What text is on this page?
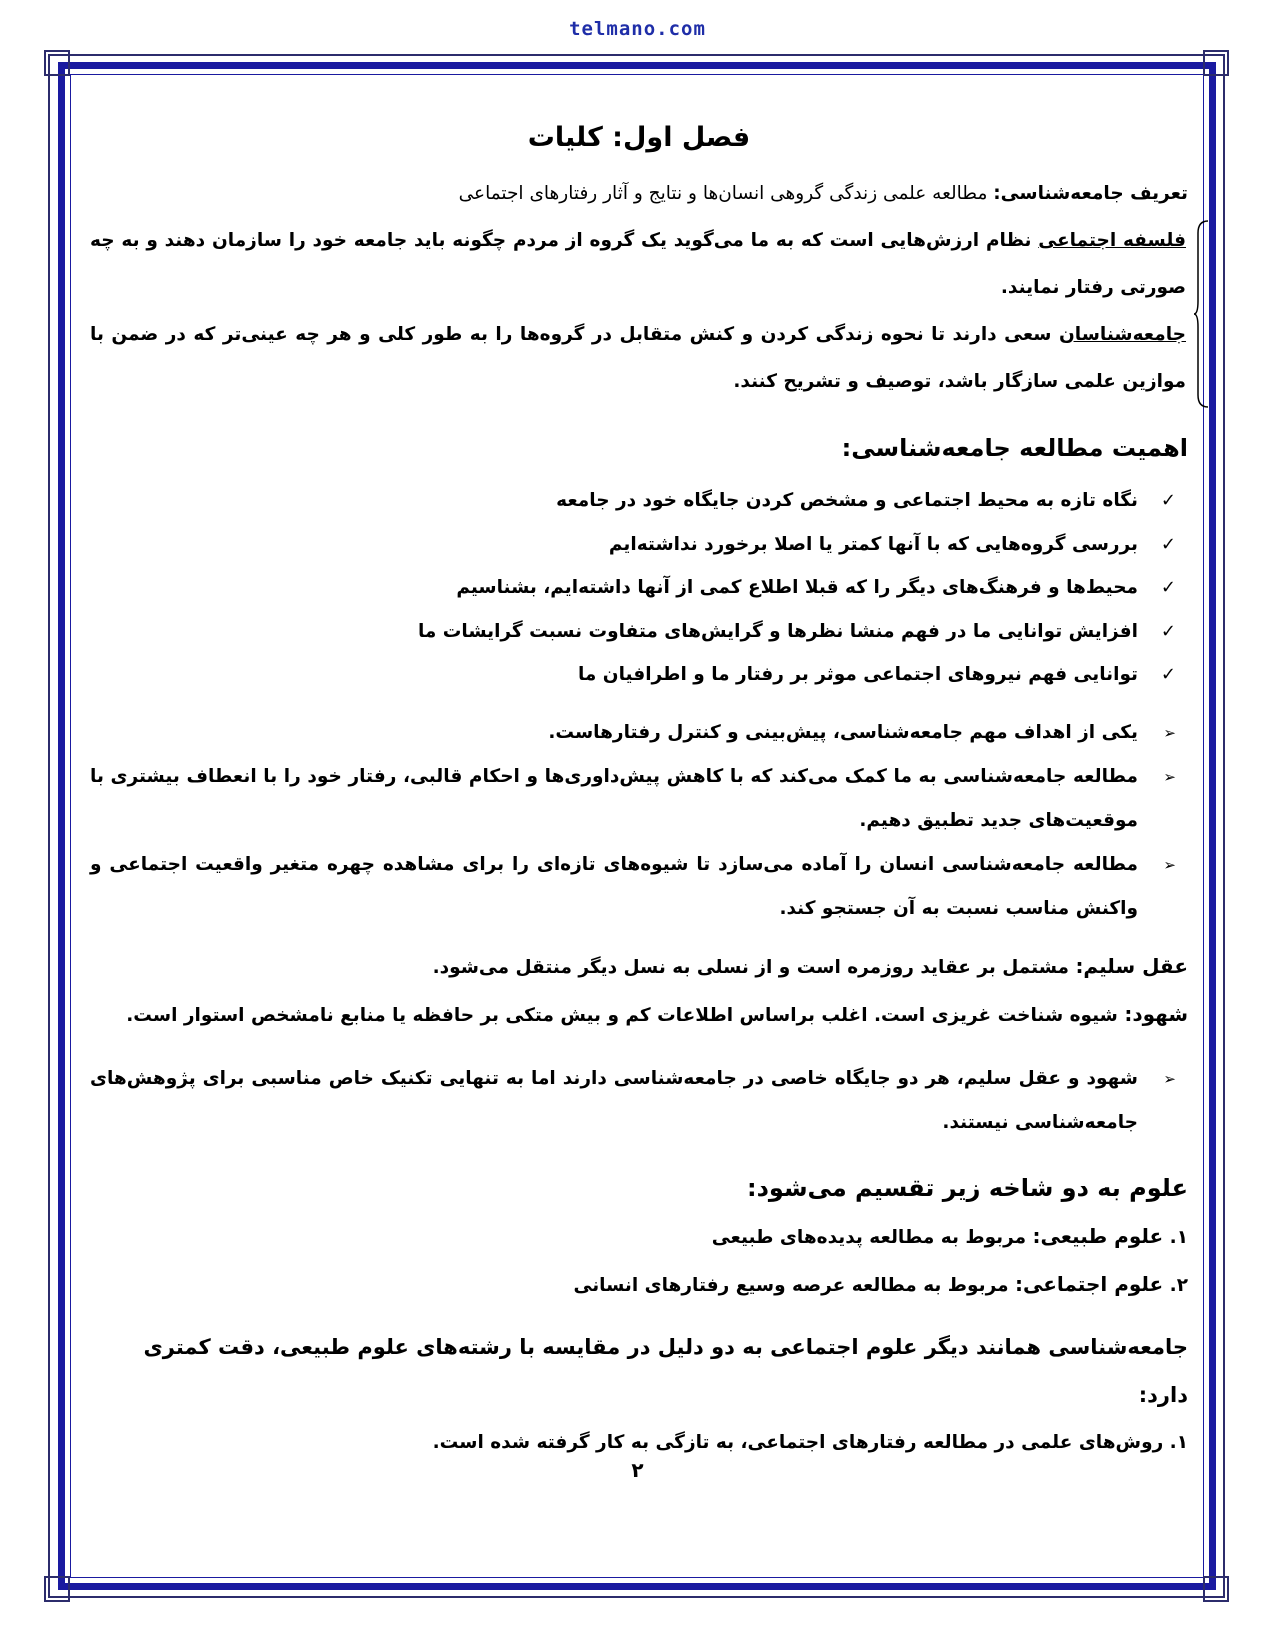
telmano.com
فصل اول: کلیات
تعریف جامعه‌شناسی: مطالعه علمی زندگی گروهی انسان‌ها و نتایج و آثار رفتارهای اجتماعی
فلسفه اجتماعی نظام ارزش‌هایی است که به ما می‌گوید یک گروه از مردم چگونه باید جامعه خود را سازمان دهند و به چه صورتی رفتار نمایند.
جامعه‌شناسان سعی دارند تا نحوه زندگی کردن و کنش متقابل در گروه‌ها را به طور کلی و هر چه عینی‌تر که در ضمن با موازین علمی سازگار باشد، توصیف و تشریح کنند.
اهمیت مطالعه جامعه‌شناسی:
✓
نگاه تازه به محیط اجتماعی و مشخص کردن جایگاه خود در جامعه
✓
بررسی گروه‌هایی که با آنها کمتر یا اصلا برخورد نداشته‌ایم
✓
محیط‌ها و فرهنگ‌های دیگر را که قبلا اطلاع کمی از آنها داشته‌ایم، بشناسیم
✓
افزایش توانایی ما در فهم منشا نظرها و گرایش‌های متفاوت نسبت گرایشات ما
✓
توانایی فهم نیروهای اجتماعی موثر بر رفتار ما و اطرافیان ما
➢
یکی از اهداف مهم جامعه‌شناسی، پیش‌بینی و کنترل رفتارهاست.
➢
مطالعه جامعه‌شناسی به ما کمک می‌کند که با کاهش پیش‌داوری‌ها و احکام قالبی، رفتار خود را با انعطاف بیشتری با موقعیت‌های جدید تطبیق دهیم.
➢
مطالعه جامعه‌شناسی انسان را آماده می‌سازد تا شیوه‌های تازه‌ای را برای مشاهده چهره متغیر واقعیت اجتماعی و واکنش مناسب نسبت به آن جستجو کند.
عقل سلیم: مشتمل بر عقاید روزمره است و از نسلی به نسل دیگر منتقل می‌شود.
شهود: شیوه شناخت غریزی است. اغلب براساس اطلاعات کم و بیش متکی بر حافظه یا منابع نامشخص استوار است.
➢
شهود و عقل سلیم، هر دو جایگاه خاصی در جامعه‌شناسی دارند اما به تنهایی تکنیک خاص مناسبی برای پژوهش‌های جامعه‌شناسی نیستند.
علوم به دو شاخه زیر تقسیم می‌شود:
۱. علوم طبیعی: مربوط به مطالعه پدیده‌های طبیعی
۲. علوم اجتماعی: مربوط به مطالعه عرصه وسیع رفتارهای انسانی
جامعه‌شناسی همانند دیگر علوم اجتماعی به دو دلیل در مقایسه با رشته‌های علوم طبیعی، دقت کمتری دارد:
۱. روش‌های علمی در مطالعه رفتارهای اجتماعی، به تازگی به کار گرفته شده است.
۲
